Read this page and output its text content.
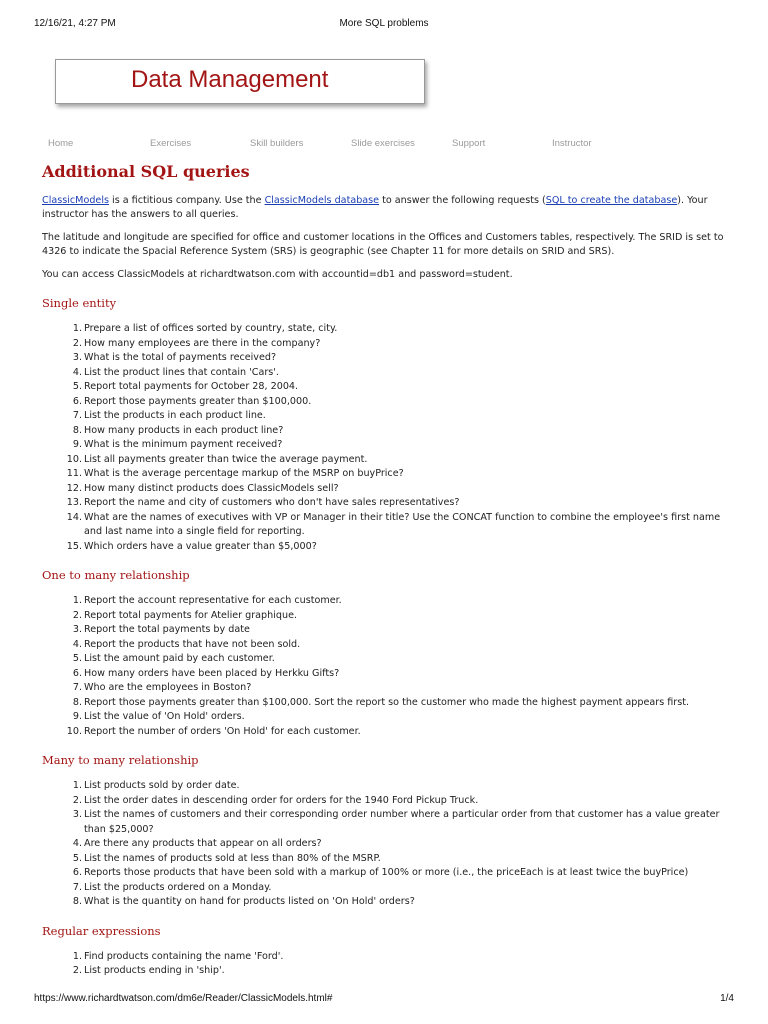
12/16/21, 4:27 PM	More SQL problems
Data Management
Home	Exercises	Skill builders	Slide exercises	Support	Instructor
Additional SQL queries

ClassicModels is a fictitious company. Use the ClassicModels database to answer the following requests (SQL to create the database). Your instructor has the answers to all queries.

The latitude and longitude are specified for office and customer locations in the Offices and Customers tables, respectively. The SRID is set to 4326 to indicate the Spacial Reference System (SRS) is geographic (see Chapter 11 for more details on SRID and SRS).

You can access ClassicModels at richardtwatson.com with accountid=db1 and password=student.

Single entity
1. Prepare a list of offices sorted by country, state, city.
2. How many employees are there in the company?
3. What is the total of payments received?
4. List the product lines that contain 'Cars'.
5. Report total payments for October 28, 2004.
6. Report those payments greater than $100,000.
7. List the products in each product line.
8. How many products in each product line?
9. What is the minimum payment received?
10. List all payments greater than twice the average payment.
11. What is the average percentage markup of the MSRP on buyPrice?
12. How many distinct products does ClassicModels sell?
13. Report the name and city of customers who don't have sales representatives?
14. What are the names of executives with VP or Manager in their title? Use the CONCAT function to combine the employee's first name and last name into a single field for reporting.
15. Which orders have a value greater than $5,000?
One to many relationship
1. Report the account representative for each customer.
2. Report total payments for Atelier graphique.
3. Report the total payments by date
4. Report the products that have not been sold.
5. List the amount paid by each customer.
6. How many orders have been placed by Herkku Gifts?
7. Who are the employees in Boston?
8. Report those payments greater than $100,000. Sort the report so the customer who made the highest payment appears first.
9. List the value of 'On Hold' orders.
10. Report the number of orders 'On Hold' for each customer.
Many to many relationship
1. List products sold by order date.
2. List the order dates in descending order for orders for the 1940 Ford Pickup Truck.
3. List the names of customers and their corresponding order number where a particular order from that customer has a value greater than $25,000?
4. Are there any products that appear on all orders?
5. List the names of products sold at less than 80% of the MSRP.
6. Reports those products that have been sold with a markup of 100% or more (i.e., the priceEach is at least twice the buyPrice)
7. List the products ordered on a Monday.
8. What is the quantity on hand for products listed on 'On Hold' orders?
Regular expressions
1. Find products containing the name 'Ford'.
2. List products ending in 'ship'.
https://www.richardtwatson.com/dm6e/Reader/ClassicModels.html#	1/4
